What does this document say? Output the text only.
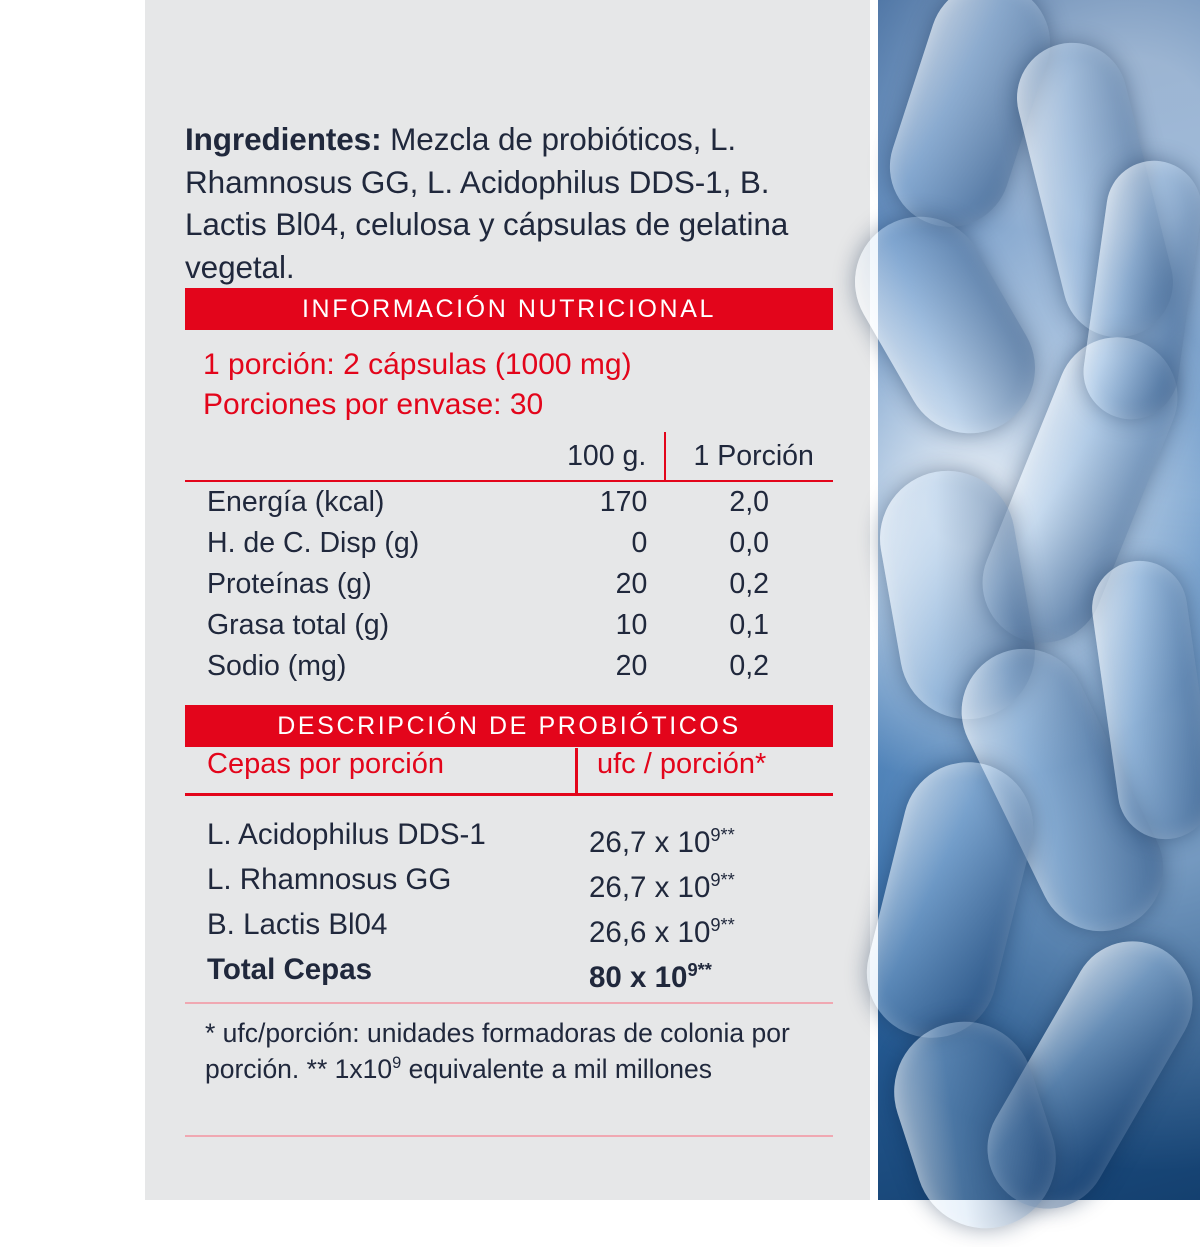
Ingredientes: Mezcla de probióticos, L. Rhamnosus GG, L. Acidophilus DDS-1, B. Lactis Bl04, celulosa y cápsulas de gelatina vegetal.
INFORMACIÓN NUTRICIONAL
1 porción: 2 cápsulas (1000 mg)
Porciones por envase: 30
	100 g.	1 Porción
Energía (kcal)	170	2,0
H. de C. Disp (g)	0	0,0
Proteínas (g)	20	0,2
Grasa total (g)	10	0,1
Sodio (mg)	20	0,2
DESCRIPCIÓN DE PROBIÓTICOS
Cepas por porción	ufc / porción*
L. Acidophilus DDS-1	26,7 x $10^{9**}$
L. Rhamnosus GG	26,7 x $10^{9**}$
B. Lactis Bl04	26,6 x $10^{9**}$
Total Cepas	80 x $10^{9**}$
* ufc/porción: unidades formadoras de colonia por porción. ** $1x10^9$ equivalente a mil millones
